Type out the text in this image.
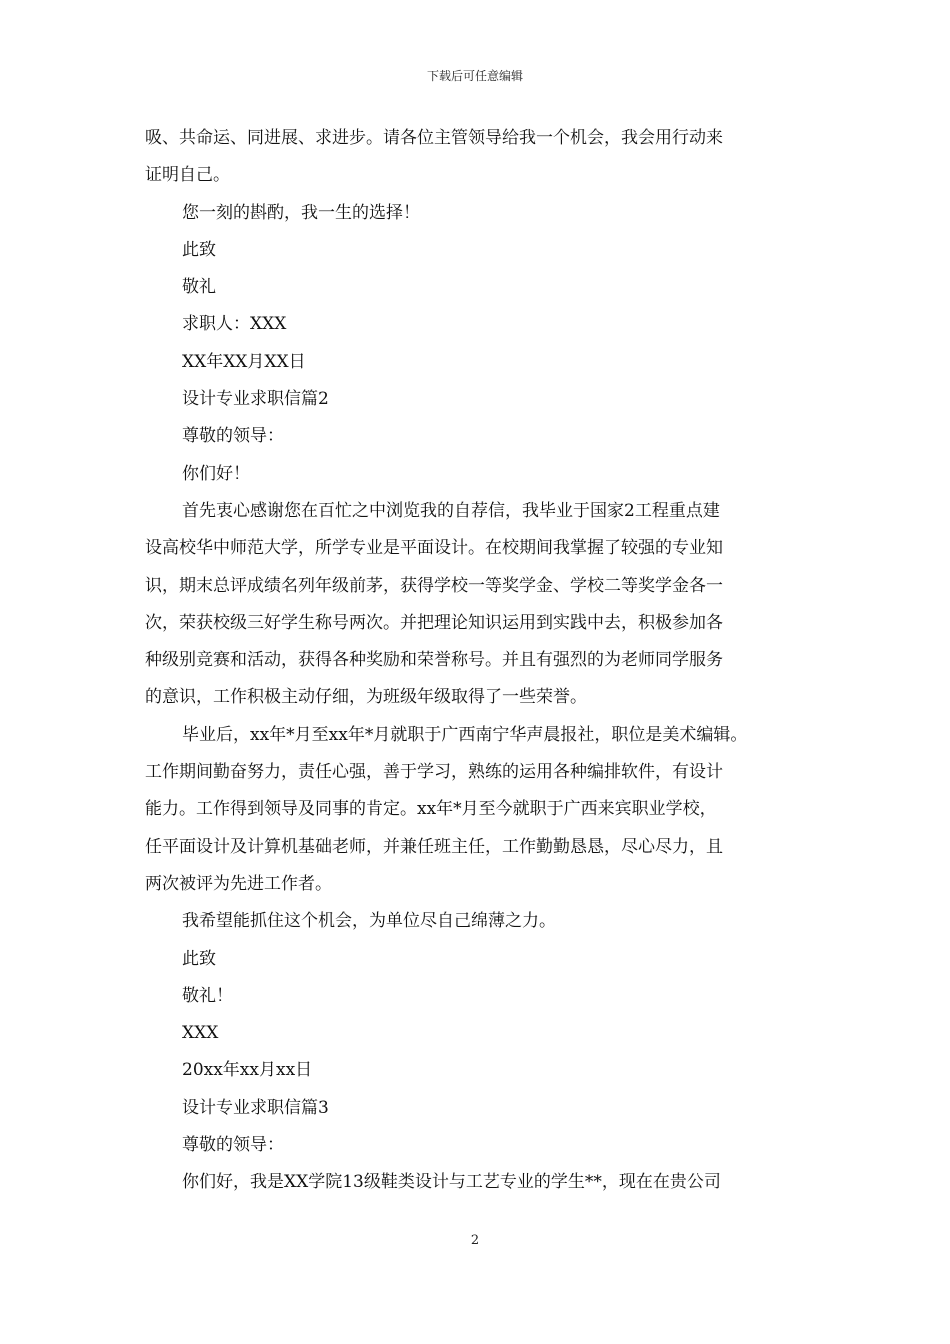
下载后可任意编辑

吸、共命运、同进展、求进步。请各位主管领导给我一个机会，我会用行动来

证明自己。

您一刻的斟酌，我一生的选择！

此致

敬礼

求职人：XXX

XX年XX月XX日

设计专业求职信篇2

尊敬的领导：

你们好！

首先衷心感谢您在百忙之中浏览我的自荐信，我毕业于国家2工程重点建

设高校华中师范大学，所学专业是平面设计。在校期间我掌握了较强的专业知

识，期末总评成绩名列年级前茅，获得学校一等奖学金、学校二等奖学金各一

次，荣获校级三好学生称号两次。并把理论知识运用到实践中去，积极参加各

种级别竞赛和活动，获得各种奖励和荣誉称号。并且有强烈的为老师同学服务

的意识，工作积极主动仔细，为班级年级取得了一些荣誉。

毕业后，xx年*月至xx年*月就职于广西南宁华声晨报社，职位是美术编辑。

工作期间勤奋努力，责任心强，善于学习，熟练的运用各种编排软件，有设计

能力。工作得到领导及同事的肯定。xx年*月至今就职于广西来宾职业学校，

任平面设计及计算机基础老师，并兼任班主任，工作勤勤恳恳，尽心尽力，且

两次被评为先进工作者。

我希望能抓住这个机会，为单位尽自己绵薄之力。

此致

敬礼！

XXX

20xx年xx月xx日

设计专业求职信篇3

尊敬的领导：

你们好，我是XX学院13级鞋类设计与工艺专业的学生**，现在在贵公司

2
